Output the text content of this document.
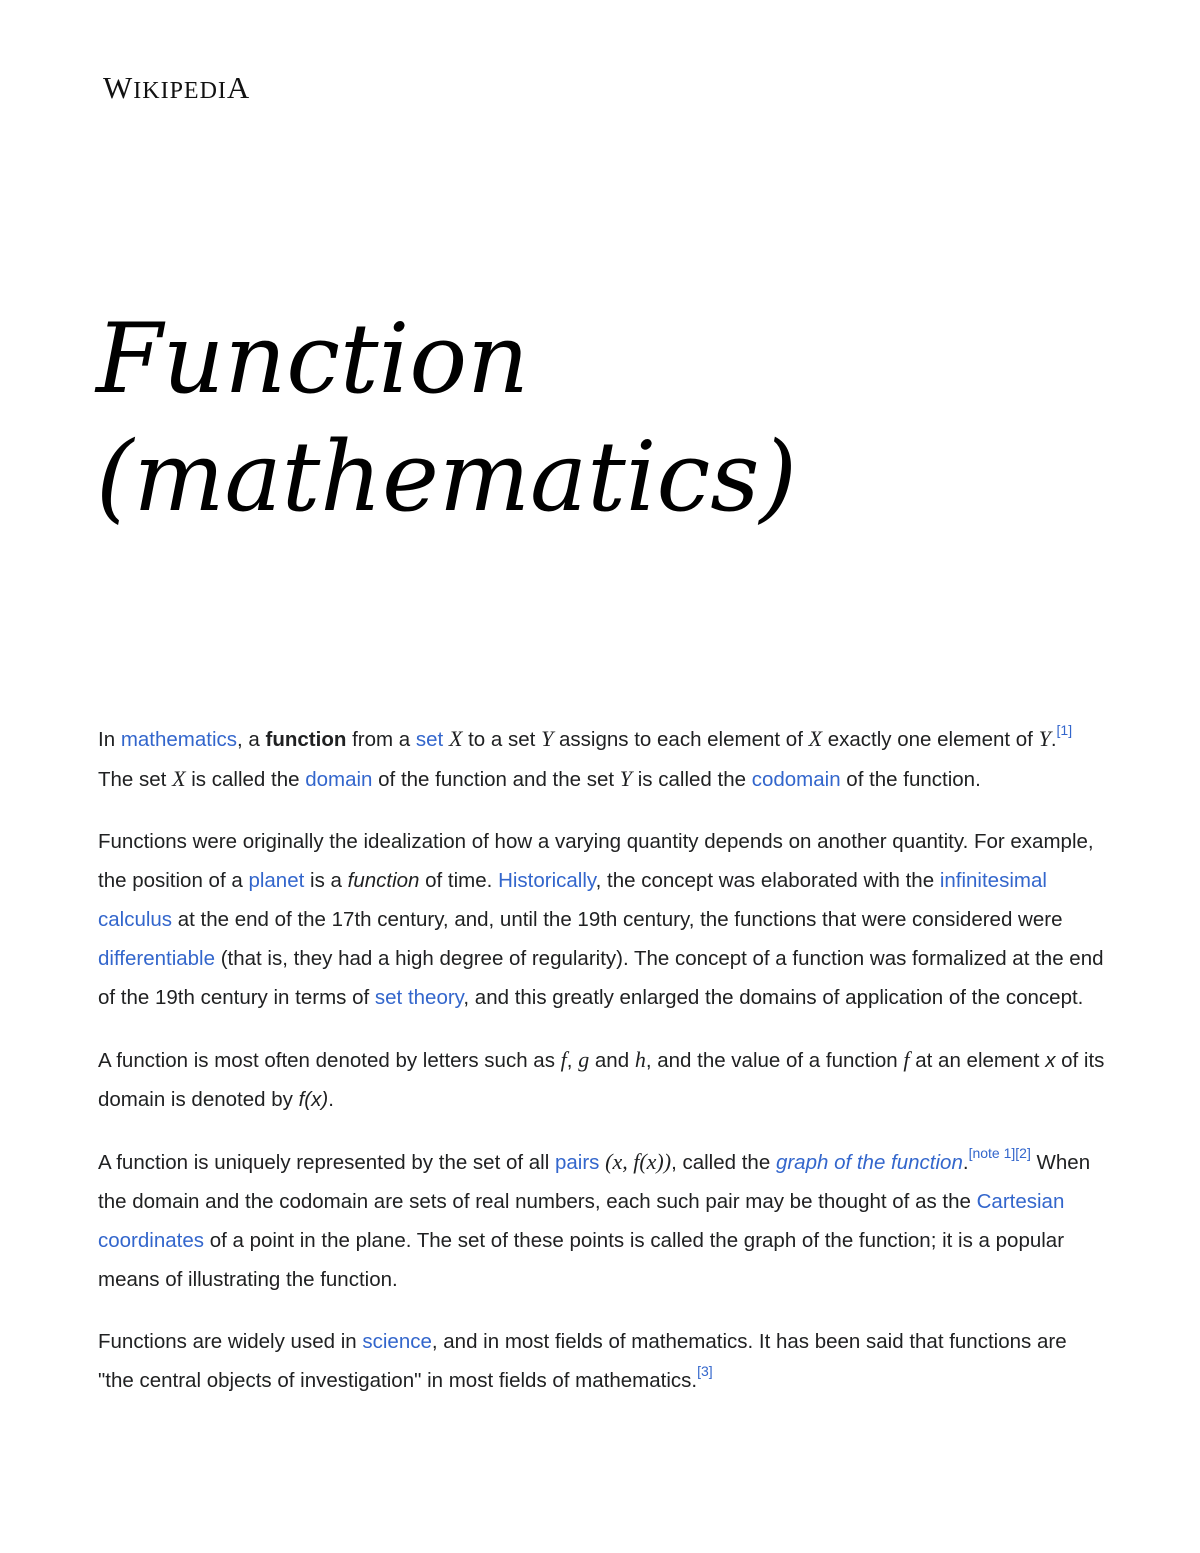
WIKIPEDIA
Function (mathematics)

In mathematics, a function from a set X to a set Y assigns to each element of X exactly one element of Y.[1] The set X is called the domain of the function and the set Y is called the codomain of the function.

Functions were originally the idealization of how a varying quantity depends on another quantity. For example, the position of a planet is a function of time. Historically, the concept was elaborated with the infinitesimal calculus at the end of the 17th century, and, until the 19th century, the functions that were considered were differentiable (that is, they had a high degree of regularity). The concept of a function was formalized at the end of the 19th century in terms of set theory, and this greatly enlarged the domains of application of the concept.

A function is most often denoted by letters such as f, g and h, and the value of a function f at an element x of its domain is denoted by f(x).

A function is uniquely represented by the set of all pairs (x, f(x)), called the graph of the function.[note 1][2] When the domain and the codomain are sets of real numbers, each such pair may be thought of as the Cartesian coordinates of a point in the plane. The set of these points is called the graph of the function; it is a popular means of illustrating the function.

Functions are widely used in science, and in most fields of mathematics. It has been said that functions are "the central objects of investigation" in most fields of mathematics.[3]
